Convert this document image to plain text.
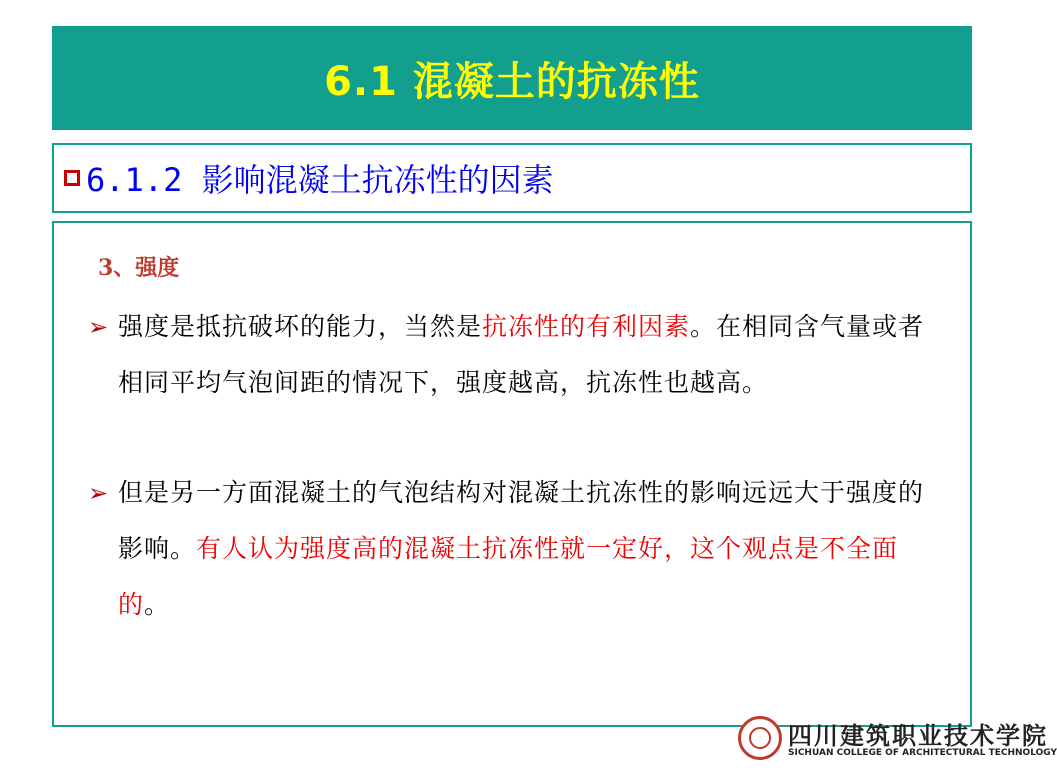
6.1 混凝土的抗冻性
6.1.2 影响混凝土抗冻性的因素
3、强度
➢ 强度是抵抗破坏的能力，当然是抗冻性的有利因素。在相同含气量或者相同平均气泡间距的情况下，强度越高，抗冻性也越高。
➢ 但是另一方面混凝土的气泡结构对混凝土抗冻性的影响远远大于强度的影响。有人认为强度高的混凝土抗冻性就一定好，这个观点是不全面的。
四川建筑职业技术学院
SICHUAN COLLEGE OF ARCHITECTURAL TECHNOLOGY
